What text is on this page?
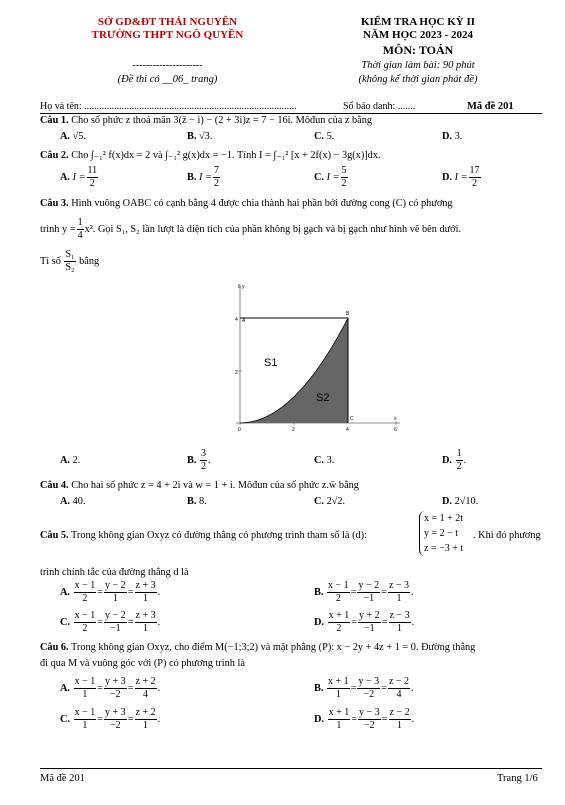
SỞ GD&ĐT THÁI NGUYÊN
TRƯỜNG THPT NGÔ QUYỀN
---------------------
(Đề thi có __06_ trang)
KIỂM TRA HỌC KỲ II
NĂM HỌC 2023 - 2024
MÔN: TOÁN
Thời gian làm bài: 90 phút
(không kể thời gian phát đề)
Họ và tên: .....................................................................................	Số báo danh: .......	Mã đề 201
Câu 1. Cho số phức z thoả mãn 3(z̄ − i) − (2 + 3i)z = 7 − 16i. Môđun của z bằng
A. √5.	B. √3.	C. 5.	D. 3.
Câu 2. Cho ∫₋₁² f(x)dx = 2 và ∫₋₁² g(x)dx = −1. Tính I = ∫₋₁² [x + 2f(x) − 3g(x)]dx.
A. $I = \frac{11}{2}$	B. $I = \frac{7}{2}$	C. $I = \frac{5}{2}$	D. $I = \frac{17}{2}$
Câu 3. Hình vuông OABC có cạnh bằng 4 được chia thành hai phần bởi đường cong (C) có phương
trình $y = \frac{1}{4} x^2$. Gọi S₁, S₂ lần lượt là diện tích của phần không bị gạch và bị gạch như hình vẽ bên dưới.
Tỉ số $\frac{\text{S₁}}{\text{S₂}}$ bằng
6 y
4
2
0	2	4	6
x
A
B
C
S1
S2
A. 2.	B. $\frac{3}{2}$ .	C. 3.	D. $\frac{1}{2}$ .
Câu 4. Cho hai số phức z = 4 + 2i và w = 1 + i. Môđun của số phức z.w̄ bằng
A. 40.	B. 8.	C. 2√2.	D. 2√10.
Câu 5. Trong không gian Oxyz có đường thẳng có phương trình tham số là (d):
x = 1 + 2t
y = 2 − t
z = −3 + t
. Khi đó phương
trình chính tắc của đường thẳng d là
A. $\frac{x - 1}{2} = \frac{y - 2}{1} = \frac{z + 3}{1}$ .	B. $\frac{x - 1}{2} = \frac{y - 2}{-1} = \frac{z - 3}{1}$ .
C. $\frac{x - 1}{2} = \frac{y - 2}{-1} = \frac{z + 3}{1}$ .	D. $\frac{x + 1}{2} = \frac{y + 2}{-1} = \frac{z - 3}{1}$ .
Câu 6. Trong không gian Oxyz, cho điểm M(−1;3;2) và mặt phẳng (P): x − 2y + 4z + 1 = 0. Đường thẳng
đi qua M và vuông góc với (P) có phương trình là
A. $\frac{x - 1}{1} = \frac{y + 3}{-2} = \frac{z + 2}{4}$ .	B. $\frac{x + 1}{1} = \frac{y - 3}{-2} = \frac{z - 2}{4}$ .
C. $\frac{x - 1}{1} = \frac{y + 3}{-2} = \frac{z + 2}{1}$ .	D. $\frac{x + 1}{1} = \frac{y - 3}{-2} = \frac{z - 2}{1}$ .
Mã đề 201	Trang 1/6
